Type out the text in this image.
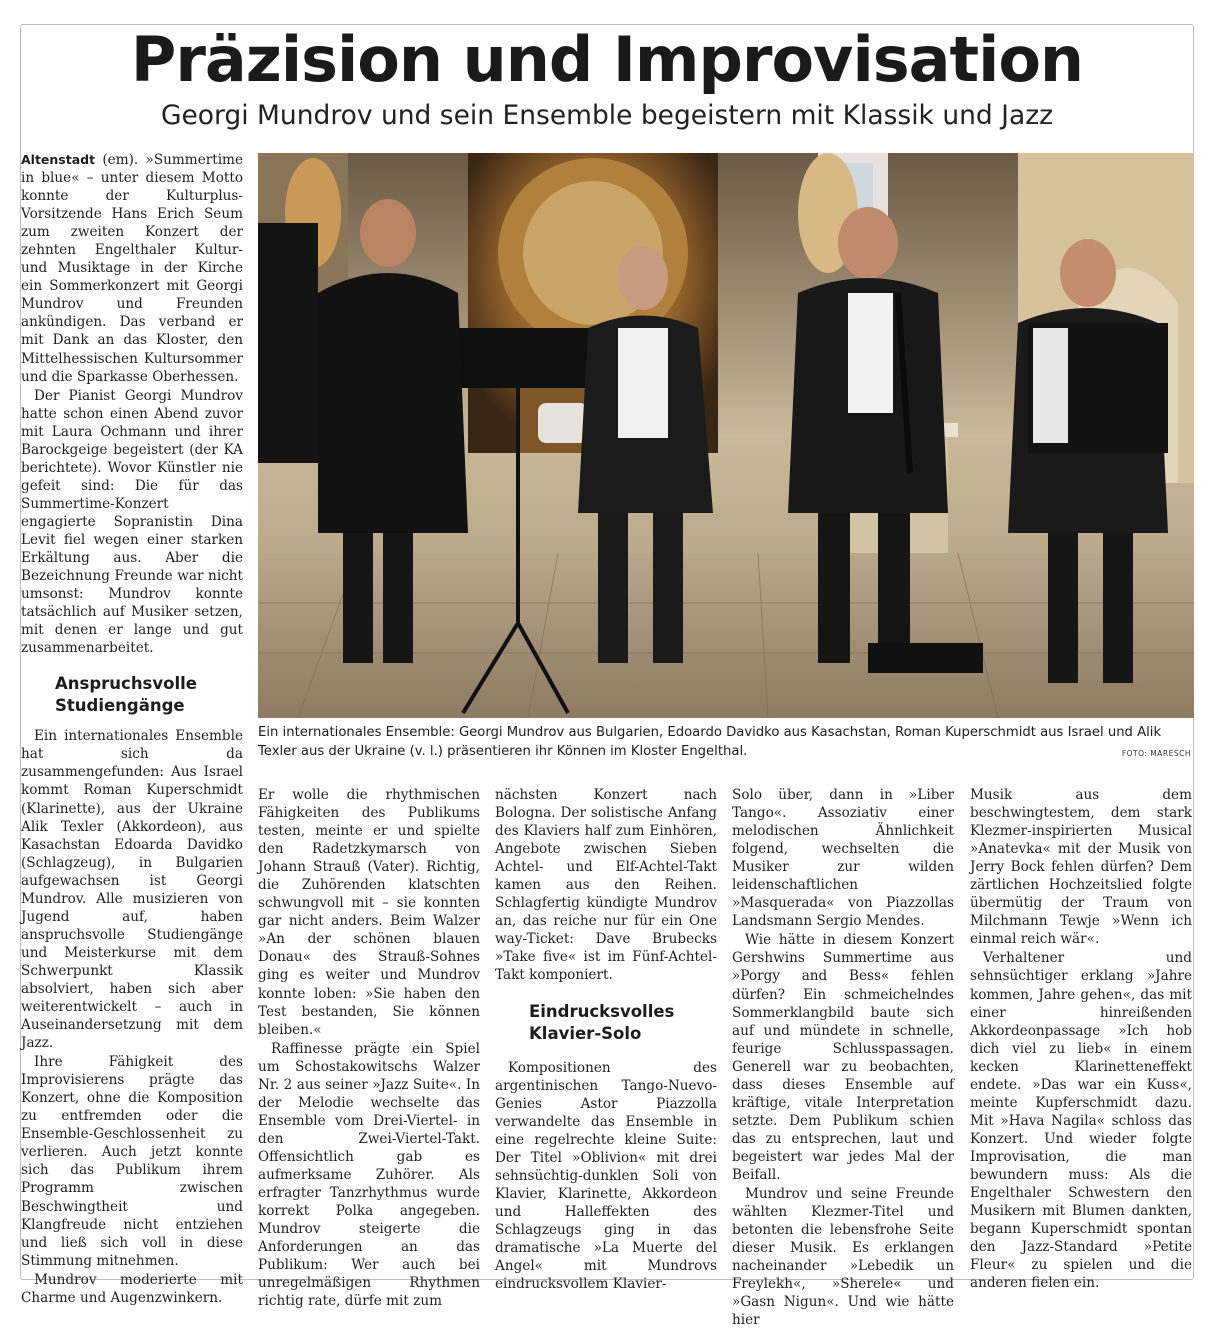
Präzision und Improvisation
Georgi Mundrov und sein Ensemble begeistern mit Klassik und Jazz

Altenstadt (em). »Summertime in blue« – unter diesem Motto konnte der Kulturplus-Vorsitzende Hans Erich Seum zum zweiten Konzert der zehnten Engelthaler Kultur- und Musiktage in der Kirche ein Sommerkonzert mit Georgi Mundrov und Freunden ankündigen. Das verband er mit Dank an das Kloster, den Mittelhessischen Kultursommer und die Sparkasse Oberhessen.

Der Pianist Georgi Mundrov hatte schon einen Abend zuvor mit Laura Ochmann und ihrer Barockgeige begeistert (der KA berichtete). Wovor Künstler nie gefeit sind: Die für das Summertime-Konzert engagierte Sopranistin Dina Levit fiel wegen einer starken Erkältung aus. Aber die Bezeichnung Freunde war nicht umsonst: Mundrov konnte tatsächlich auf Musiker setzen, mit denen er lange und gut zusammenarbeitet.

Anspruchsvolle Studiengänge

Ein internationales Ensemble hat sich da zusammengefunden: Aus Israel kommt Roman Kuperschmidt (Klarinette), aus der Ukraine Alik Texler (Akkordeon), aus Kasachstan Edoarda Davidko (Schlagzeug), in Bulgarien aufgewachsen ist Georgi Mundrov. Alle musizieren von Jugend auf, haben anspruchsvolle Studiengänge und Meisterkurse mit dem Schwerpunkt Klassik absolviert, haben sich aber weiterentwickelt – auch in Auseinandersetzung mit dem Jazz.

Ihre Fähigkeit des Improvisierens prägte das Konzert, ohne die Komposition zu entfremden oder die Ensemble-Geschlossenheit zu verlieren. Auch jetzt konnte sich das Publikum ihrem Programm zwischen Beschwingtheit und Klangfreude nicht entziehen und ließ sich voll in diese Stimmung mitnehmen.

Mundrov moderierte mit Charme und Augenzwinkern.

Ein internationales Ensemble: Georgi Mundrov aus Bulgarien, Edoardo Davidko aus Kasachstan, Roman Kuperschmidt aus Israel und Alik Texler aus der Ukraine (v. l.) präsentieren ihr Können im Kloster Engelthal.	FOTO: MARESCH

Er wolle die rhythmischen Fähigkeiten des Publikums testen, meinte er und spielte den Radetzkymarsch von Johann Strauß (Vater). Richtig, die Zuhörenden klatschten schwungvoll mit – sie konnten gar nicht anders. Beim Walzer »An der schönen blauen Donau« des Strauß-Sohnes ging es weiter und Mundrov konnte loben: »Sie haben den Test bestanden, Sie können bleiben.«

Raffinesse prägte ein Spiel um Schostakowitschs Walzer Nr. 2 aus seiner »Jazz Suite«. In der Melodie wechselte das Ensemble vom Drei-Viertel- in den Zwei-Viertel-Takt. Offensichtlich gab es aufmerksame Zuhörer. Als erfragter Tanzrhythmus wurde korrekt Polka angegeben. Mundrov steigerte die Anforderungen an das Publikum: Wer auch bei unregelmäßigen Rhythmen richtig rate, dürfe mit zum

nächsten Konzert nach Bologna. Der solistische Anfang des Klaviers half zum Einhören, Angebote zwischen Sieben Achtel- und Elf-Achtel-Takt kamen aus den Reihen. Schlagfertig kündigte Mundrov an, das reiche nur für ein One way-Ticket: Dave Brubecks »Take five« ist im Fünf-Achtel-Takt komponiert.

Eindrucksvolles Klavier-Solo

Kompositionen des argentinischen Tango-Nuevo-Genies Astor Piazzolla verwandelte das Ensemble in eine regelrechte kleine Suite: Der Titel »Oblivion« mit drei sehnsüchtig-dunklen Soli von Klavier, Klarinette, Akkordeon und Halleffekten des Schlagzeugs ging in das dramatische »La Muerte del Angel« mit Mundrovs eindrucksvollem Klavier-

Solo über, dann in »Liber Tango«. Assoziativ einer melodischen Ähnlichkeit folgend, wechselten die Musiker zur wilden leidenschaftlichen »Masquerada« von Piazzollas Landsmann Sergio Mendes.

Wie hätte in diesem Konzert Gershwins Summertime aus »Porgy and Bess« fehlen dürfen? Ein schmeichelndes Sommerklangbild baute sich auf und mündete in schnelle, feurige Schlusspassagen. Generell war zu beobachten, dass dieses Ensemble auf kräftige, vitale Interpretation setzte. Dem Publikum schien das zu entsprechen, laut und begeistert war jedes Mal der Beifall.

Mundrov und seine Freunde wählten Klezmer-Titel und betonten die lebensfrohe Seite dieser Musik. Es erklangen nacheinander »Lebedik un Freylekh«, »Sherele« und »Gasn Nigun«. Und wie hätte hier

Musik aus dem beschwingtestem, dem stark Klezmer-inspirierten Musical »Anatevka« mit der Musik von Jerry Bock fehlen dürfen? Dem zärtlichen Hochzeitslied folgte übermütig der Traum von Milchmann Tewje »Wenn ich einmal reich wär«.

Verhaltener und sehnsüchtiger erklang »Jahre kommen, Jahre gehen«, das mit einer hinreißenden Akkordeonpassage »Ich hob dich viel zu lieb« in einem kecken Klarinetteneffekt endete. »Das war ein Kuss«, meinte Kupferschmidt dazu. Mit »Hava Nagila« schloss das Konzert. Und wieder folgte Improvisation, die man bewundern muss: Als die Engelthaler Schwestern den Musikern mit Blumen dankten, begann Kuperschmidt spontan den Jazz-Standard »Petite Fleur« zu spielen und die anderen fielen ein.
